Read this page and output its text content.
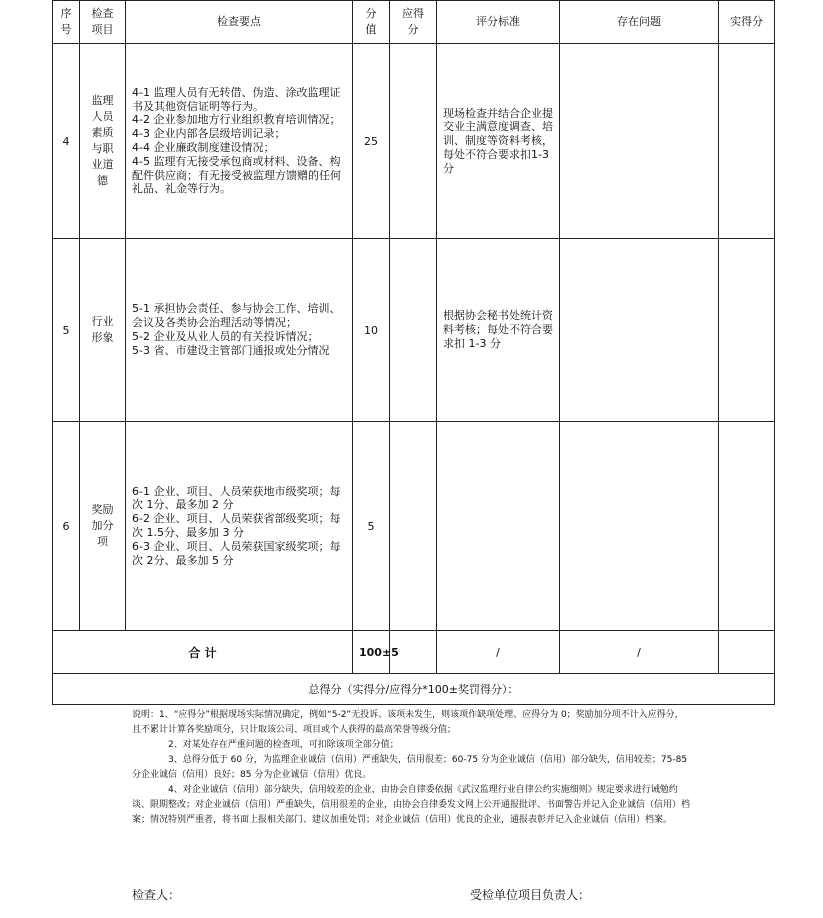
序号	检查项目	检查要点	分值	应得分	评分标准	存在问题	实得分
4	监理人员素质与职业道德	4-1 监理人员有无转借、伪造、涂改监理证书及其他资信证明等行为。
4-2 企业参加地方行业组织教育培训情况；
4-3 企业内部各层级培训记录；
4-4 企业廉政制度建设情况；
4-5 监理有无接受承包商或材料、设备、构配件供应商；有无接受被监理方馈赠的任何礼品、礼金等行为。	25		现场检查并结合企业提交业主满意度调查、培训、制度等资料考核，每处不符合要求扣1-3分		
5	行业形象	5-1 承担协会责任、参与协会工作、培训、会议及各类协会治理活动等情况；
5-2 企业及从业人员的有关投诉情况；
5-3 省、市建设主管部门通报或处分情况	10		根据协会秘书处统计资料考核；每处不符合要求扣 1-3 分		
6	奖励加分项	6-1 企业、项目、人员荣获地市级奖项；每次 1分、最多加 2 分
6-2 企业、项目、人员荣获省部级奖项；每次 1.5分、最多加 3 分
6-3 企业、项目、人员荣获国家级奖项；每次 2分、最多加 5 分	5				
合 计			100±5		/	/	
总得分（实得分/应得分*100±奖罚得分）：							

说明：1、“应得分”根据现场实际情况确定，例如“5-2”无投诉、该项未发生，则该项作缺项处理、应得分为 0；奖励加分项不计入应得分，且不累计计算各奖励项分，只计取该公司、项目或个人获得的最高荣誉等级分值；

2、对某处存在严重问题的检查项，可扣除该项全部分值；

3、总得分低于 60 分，为监理企业诚信（信用）严重缺失，信用很差；60-75 分为企业诚信（信用）部分缺失，信用较差；75-85 分企业诚信（信用）良好；85 分为企业诚信（信用）优良。

4、对企业诚信（信用）部分缺失，信用较差的企业，由协会自律委依据《武汉监理行业自律公约实施细则》规定要求进行诫勉约谈、限期整改；对企业诚信（信用）严重缺失，信用很差的企业，由协会自律委发文网上公开通报批评、书面警告并记入企业诚信（信用）档案；情况特别严重者，将书面上报相关部门、建议加重处罚；对企业诚信（信用）优良的企业，通报表彰并记入企业诚信（信用）档案。

检查人：	受检单位项目负责人：
